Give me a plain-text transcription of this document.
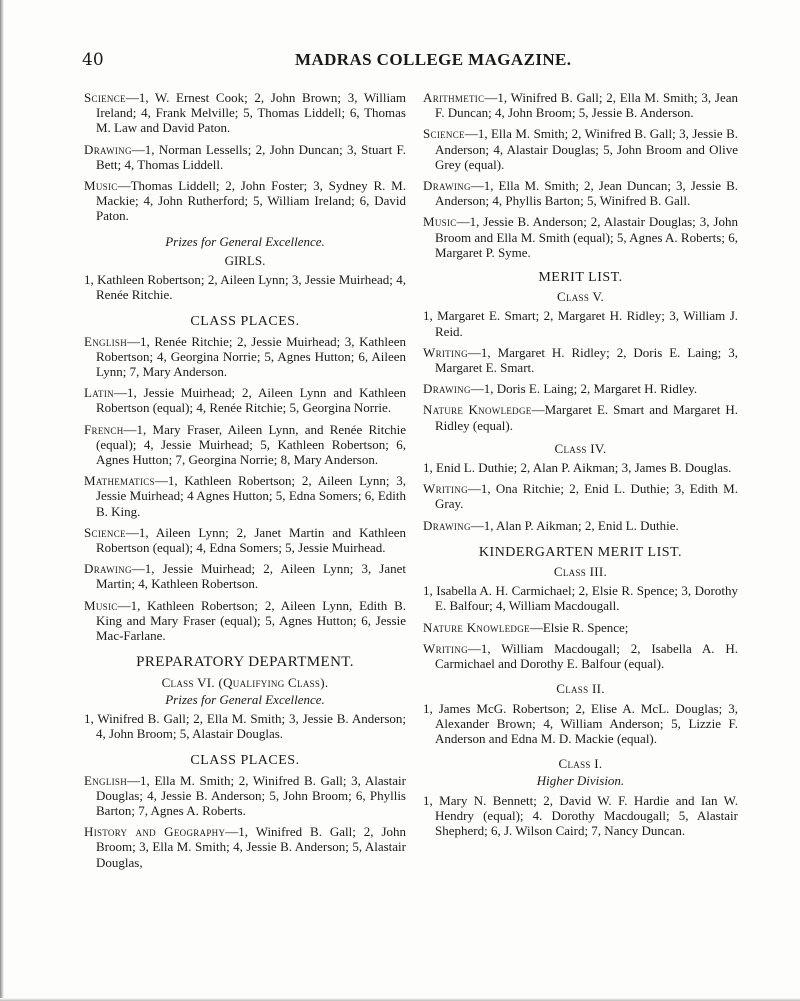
40	MADRAS COLLEGE MAGAZINE.

Science—1, W. Ernest Cook; 2, John Brown; 3, William Ireland; 4, Frank Melville; 5, Thomas Liddell; 6, Thomas M. Law and David Paton.

Drawing—1, Norman Lessells; 2, John Duncan; 3, Stuart F. Bett; 4, Thomas Liddell.

Music—Thomas Liddell; 2, John Foster; 3, Sydney R. M. Mackie; 4, John Rutherford; 5, William Ireland; 6, David Paton.

Prizes for General Excellence.

GIRLS.

1, Kathleen Robertson; 2, Aileen Lynn; 3, Jessie Muirhead; 4, Renée Ritchie.

CLASS PLACES.

English—1, Renée Ritchie; 2, Jessie Muirhead; 3, Kathleen Robertson; 4, Georgina Norrie; 5, Agnes Hutton; 6, Aileen Lynn; 7, Mary Anderson.

Latin—1, Jessie Muirhead; 2, Aileen Lynn and Kathleen Robertson (equal); 4, Renée Ritchie; 5, Georgina Norrie.

French—1, Mary Fraser, Aileen Lynn, and Renée Ritchie (equal); 4, Jessie Muirhead; 5, Kathleen Robertson; 6, Agnes Hutton; 7, Georgina Norrie; 8, Mary Anderson.

Mathematics—1, Kathleen Robertson; 2, Aileen Lynn; 3, Jessie Muirhead; 4 Agnes Hutton; 5, Edna Somers; 6, Edith B. King.

Science—1, Aileen Lynn; 2, Janet Martin and Kathleen Robertson (equal); 4, Edna Somers; 5, Jessie Muirhead.

Drawing—1, Jessie Muirhead; 2, Aileen Lynn; 3, Janet Martin; 4, Kathleen Robertson.

Music—1, Kathleen Robertson; 2, Aileen Lynn, Edith B. King and Mary Fraser (equal); 5, Agnes Hutton; 6, Jessie Mac-Farlane.

PREPARATORY DEPARTMENT.

Class VI. (Qualifying Class).

Prizes for General Excellence.

1, Winifred B. Gall; 2, Ella M. Smith; 3, Jessie B. Anderson; 4, John Broom; 5, Alastair Douglas.

CLASS PLACES.

English—1, Ella M. Smith; 2, Winifred B. Gall; 3, Alastair Douglas; 4, Jessie B. Anderson; 5, John Broom; 6, Phyllis Barton; 7, Agnes A. Roberts.

History and Geography—1, Winifred B. Gall; 2, John Broom; 3, Ella M. Smith; 4, Jessie B. Anderson; 5, Alastair Douglas,

Arithmetic—1, Winifred B. Gall; 2, Ella M. Smith; 3, Jean F. Duncan; 4, John Broom; 5, Jessie B. Anderson.

Science—1, Ella M. Smith; 2, Winifred B. Gall; 3, Jessie B. Anderson; 4, Alastair Douglas; 5, John Broom and Olive Grey (equal).

Drawing—1, Ella M. Smith; 2, Jean Duncan; 3, Jessie B. Anderson; 4, Phyllis Barton; 5, Winifred B. Gall.

Music—1, Jessie B. Anderson; 2, Alastair Douglas; 3, John Broom and Ella M. Smith (equal); 5, Agnes A. Roberts; 6, Margaret P. Syme.

MERIT LIST.

Class V.

1, Margaret E. Smart; 2, Margaret H. Ridley; 3, William J. Reid.

Writing—1, Margaret H. Ridley; 2, Doris E. Laing; 3, Margaret E. Smart.

Drawing—1, Doris E. Laing; 2, Margaret H. Ridley.

Nature Knowledge—Margaret E. Smart and Margaret H. Ridley (equal).

Class IV.

1, Enid L. Duthie; 2, Alan P. Aikman; 3, James B. Douglas.

Writing—1, Ona Ritchie; 2, Enid L. Duthie; 3, Edith M. Gray.

Drawing—1, Alan P. Aikman; 2, Enid L. Duthie.

KINDERGARTEN MERIT LIST.

Class III.

1, Isabella A. H. Carmichael; 2, Elsie R. Spence; 3, Dorothy E. Balfour; 4, William Macdougall.

Nature Knowledge—Elsie R. Spence;

Writing—1, William Macdougall; 2, Isabella A. H. Carmichael and Dorothy E. Balfour (equal).

Class II.

1, James McG. Robertson; 2, Elise A. McL. Douglas; 3, Alexander Brown; 4, William Anderson; 5, Lizzie F. Anderson and Edna M. D. Mackie (equal).

Class I.

Higher Division.

1, Mary N. Bennett; 2, David W. F. Hardie and Ian W. Hendry (equal); 4. Dorothy Macdougall; 5, Alastair Shepherd; 6, J. Wilson Caird; 7, Nancy Duncan.
